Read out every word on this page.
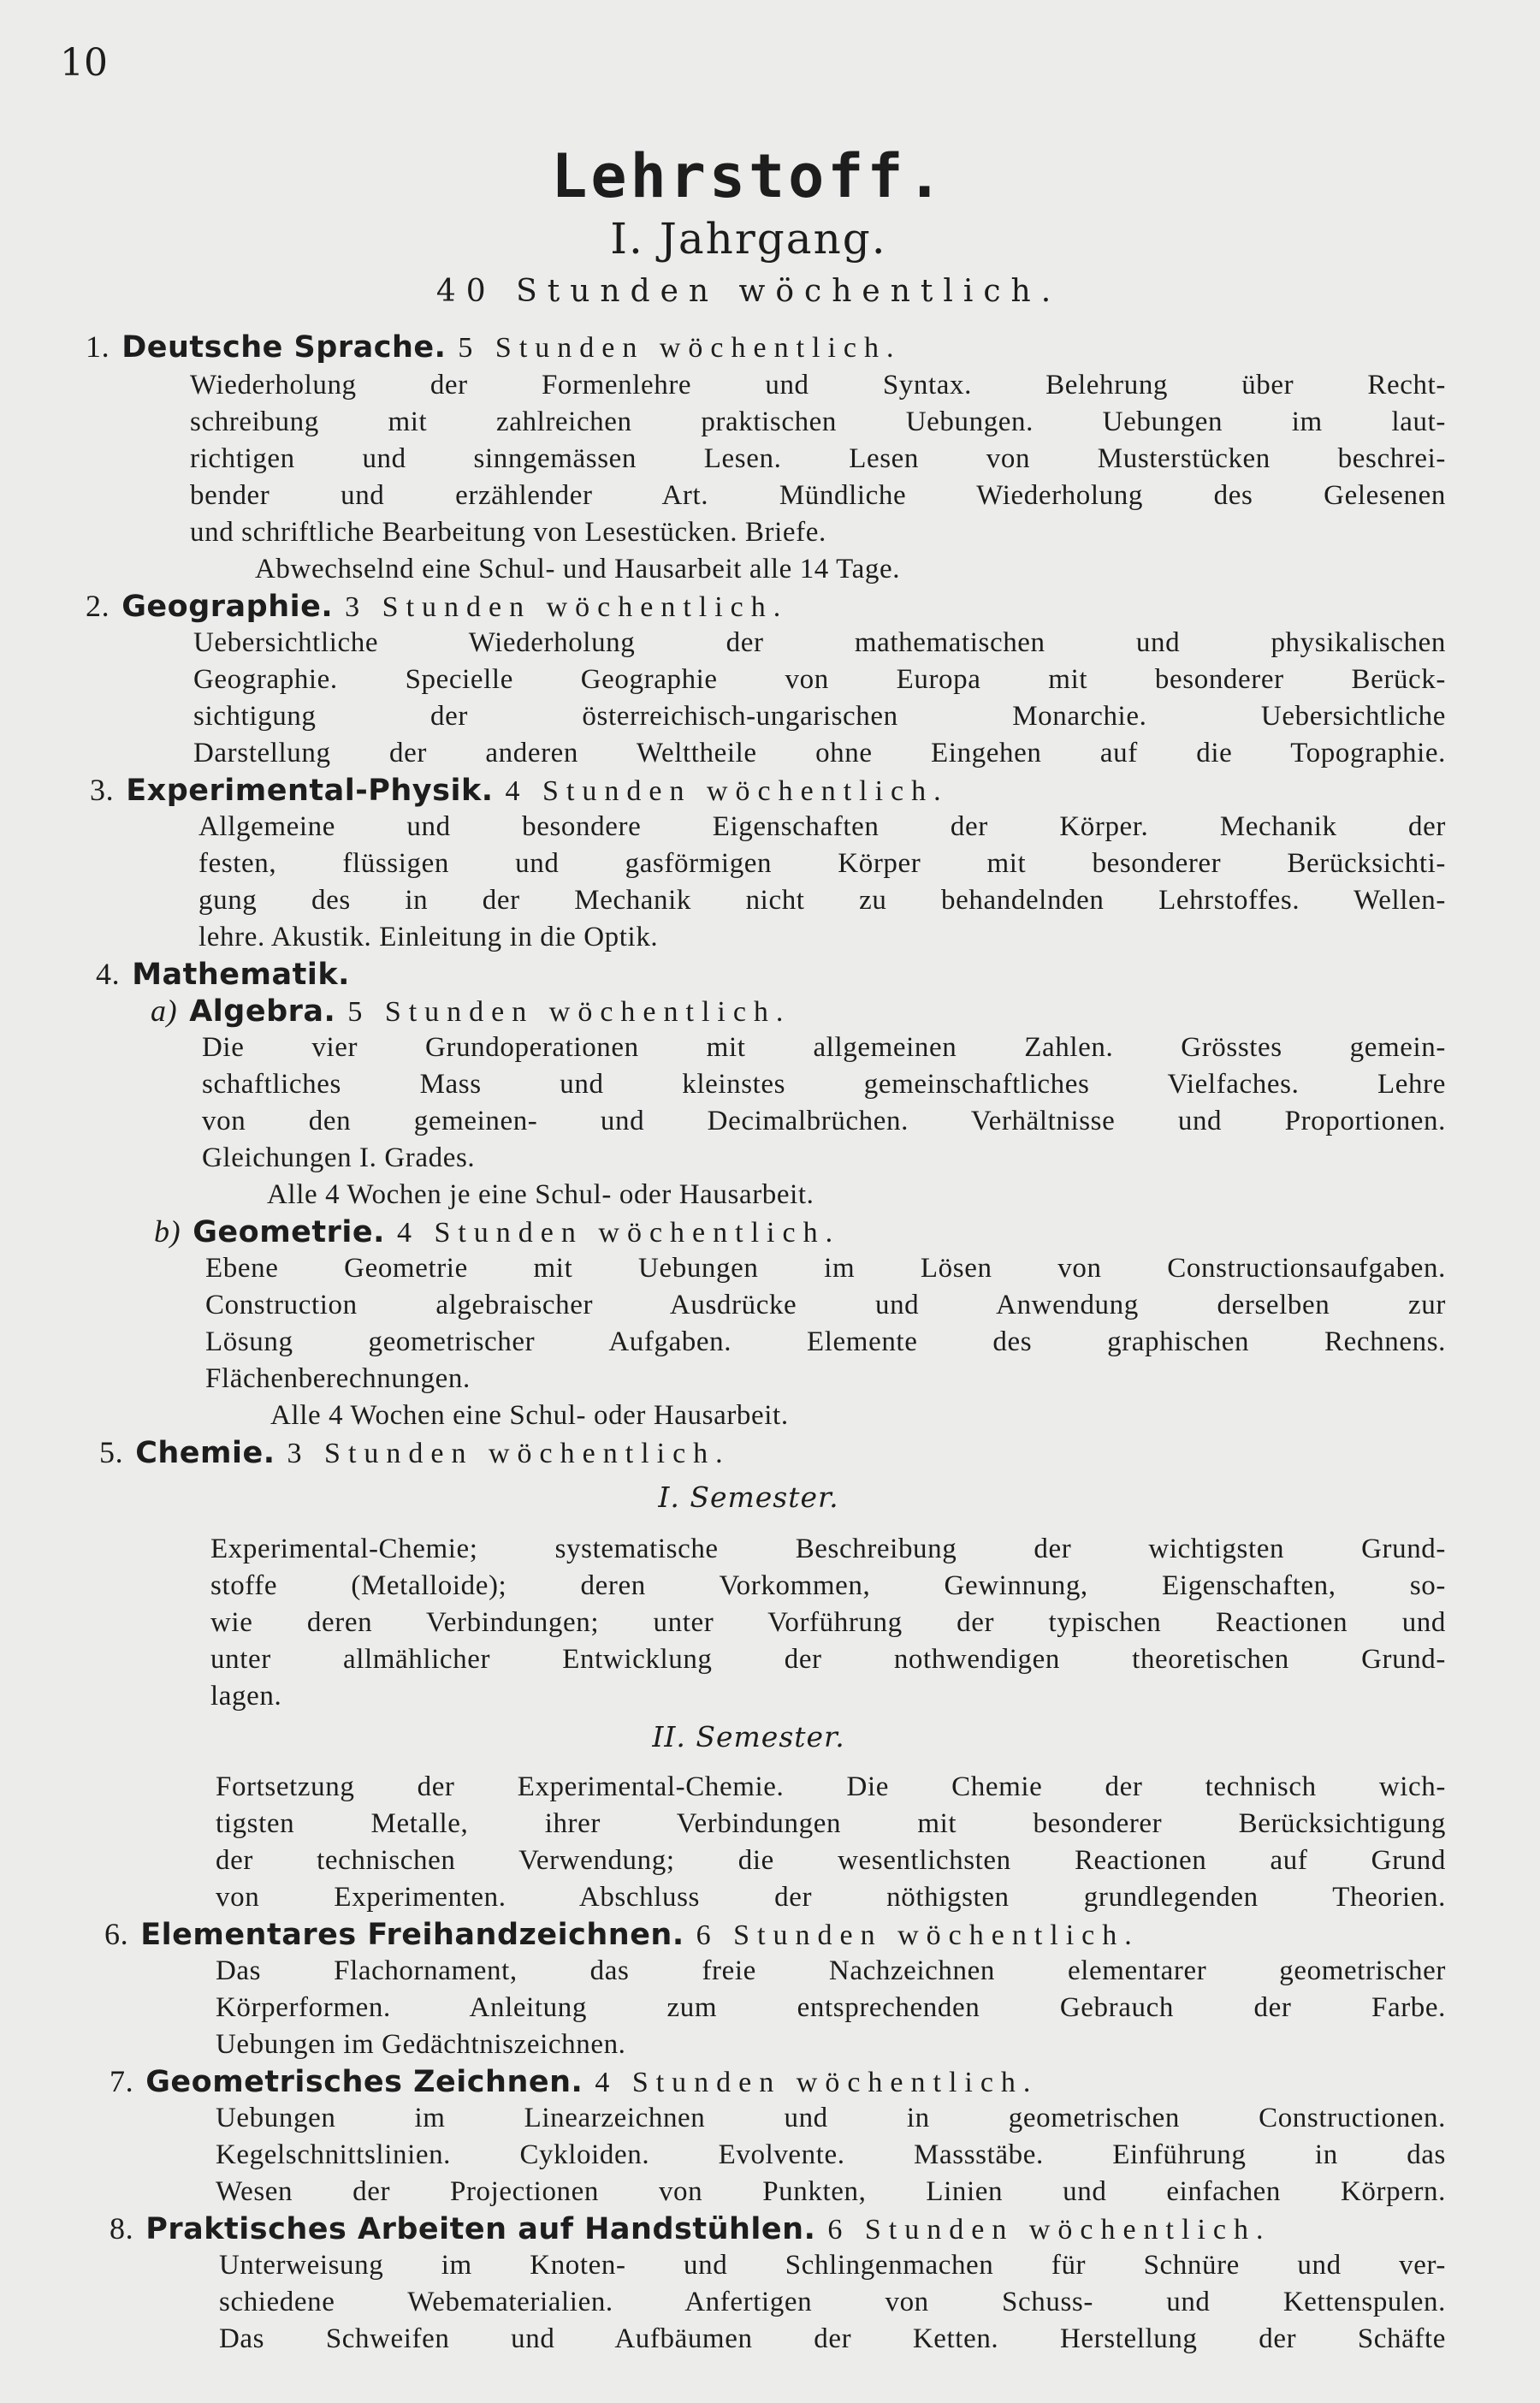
10
Lehrstoff.
I. Jahrgang.
40 Stunden wöchentlich.
1. Deutsche Sprache. 5 Stunden wöchentlich.
Wiederholung der Formenlehre und Syntax. Belehrung über Recht-
schreibung mit zahlreichen praktischen Uebungen. Uebungen im laut-
richtigen und sinngemässen Lesen. Lesen von Musterstücken beschrei-
bender und erzählender Art. Mündliche Wiederholung des Gelesenen
und schriftliche Bearbeitung von Lesestücken. Briefe.
Abwechselnd eine Schul- und Hausarbeit alle 14 Tage.
2. Geographie. 3 Stunden wöchentlich.
Uebersichtliche Wiederholung der mathematischen und physikalischen
Geographie. Specielle Geographie von Europa mit besonderer Berück-
sichtigung der österreichisch-ungarischen Monarchie. Uebersichtliche
Darstellung der anderen Welttheile ohne Eingehen auf die Topographie.
3. Experimental-Physik. 4 Stunden wöchentlich.
Allgemeine und besondere Eigenschaften der Körper. Mechanik der
festen, flüssigen und gasförmigen Körper mit besonderer Berücksichti-
gung des in der Mechanik nicht zu behandelnden Lehrstoffes. Wellen-
lehre. Akustik. Einleitung in die Optik.
4. Mathematik.
a) Algebra. 5 Stunden wöchentlich.
Die vier Grundoperationen mit allgemeinen Zahlen. Grösstes gemein-
schaftliches Mass und kleinstes gemeinschaftliches Vielfaches. Lehre
von den gemeinen- und Decimalbrüchen. Verhältnisse und Proportionen.
Gleichungen I. Grades.
Alle 4 Wochen je eine Schul- oder Hausarbeit.
b) Geometrie. 4 Stunden wöchentlich.
Ebene Geometrie mit Uebungen im Lösen von Constructionsaufgaben.
Construction algebraischer Ausdrücke und Anwendung derselben zur
Lösung geometrischer Aufgaben. Elemente des graphischen Rechnens.
Flächenberechnungen.
Alle 4 Wochen eine Schul- oder Hausarbeit.
5. Chemie. 3 Stunden wöchentlich.
I. Semester.
Experimental-Chemie; systematische Beschreibung der wichtigsten Grund-
stoffe (Metalloide); deren Vorkommen, Gewinnung, Eigenschaften, so-
wie deren Verbindungen; unter Vorführung der typischen Reactionen und
unter allmählicher Entwicklung der nothwendigen theoretischen Grund-
lagen.
II. Semester.
Fortsetzung der Experimental-Chemie. Die Chemie der technisch wich-
tigsten Metalle, ihrer Verbindungen mit besonderer Berücksichtigung
der technischen Verwendung; die wesentlichsten Reactionen auf Grund
von Experimenten. Abschluss der nöthigsten grundlegenden Theorien.
6. Elementares Freihandzeichnen. 6 Stunden wöchentlich.
Das Flachornament, das freie Nachzeichnen elementarer geometrischer
Körperformen. Anleitung zum entsprechenden Gebrauch der Farbe.
Uebungen im Gedächtniszeichnen.
7. Geometrisches Zeichnen. 4 Stunden wöchentlich.
Uebungen im Linearzeichnen und in geometrischen Constructionen.
Kegelschnittslinien. Cykloiden. Evolvente. Massstäbe. Einführung in das
Wesen der Projectionen von Punkten, Linien und einfachen Körpern.
8. Praktisches Arbeiten auf Handstühlen. 6 Stunden wöchentlich.
Unterweisung im Knoten- und Schlingenmachen für Schnüre und ver-
schiedene Webematerialien. Anfertigen von Schuss- und Kettenspulen.
Das Schweifen und Aufbäumen der Ketten. Herstellung der Schäfte
